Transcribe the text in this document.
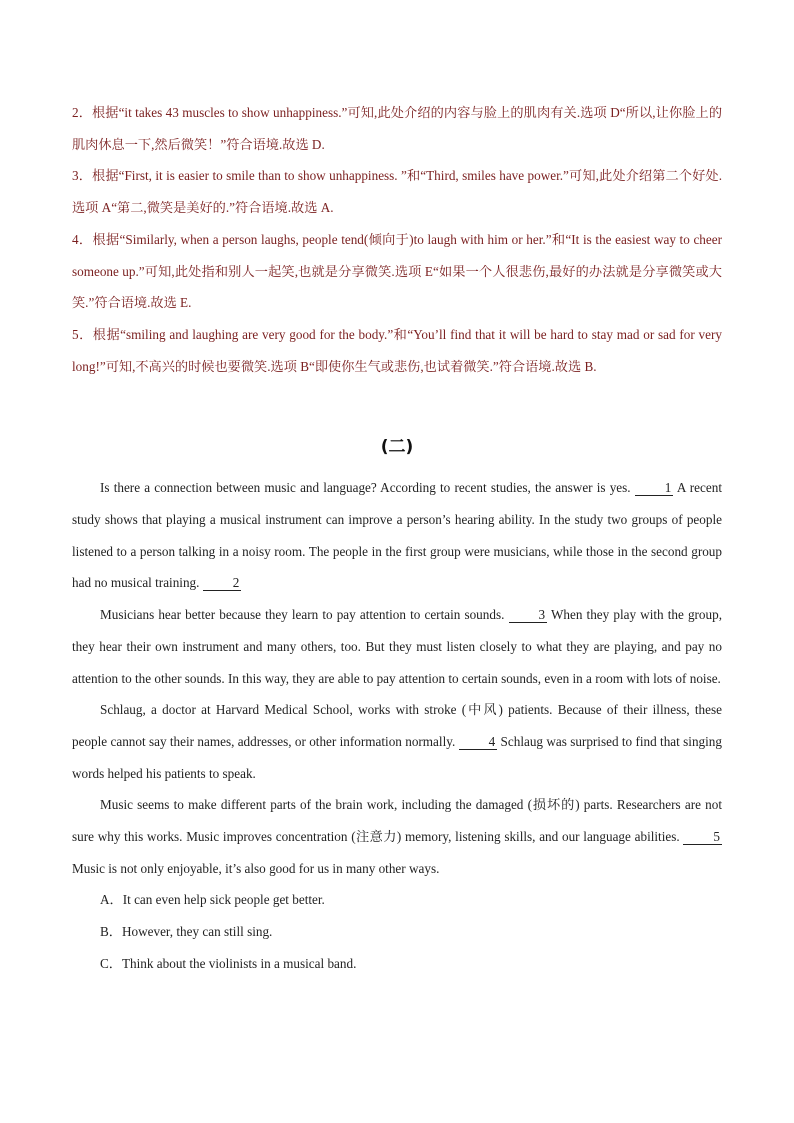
2．根据“it takes 43 muscles to show unhappiness.”可知,此处介绍的内容与脸上的肌肉有关.选项 D“所以,让你脸上的肌肉休息一下,然后微笑！”符合语境.故选 D.

3．根据“First, it is easier to smile than to show unhappiness. ”和“Third, smiles have power.”可知,此处介绍第二个好处.选项 A“第二,微笑是美好的.”符合语境.故选 A.

4．根据“Similarly, when a person laughs, people tend(倾向于)to laugh with him or her.”和“It is the easiest way to cheer someone up.”可知,此处指和别人一起笑,也就是分享微笑.选项 E“如果一个人很悲伤,最好的办法就是分享微笑或大笑.”符合语境.故选 E.

5．根据“smiling and laughing are very good for the body.”和“You’ll find that it will be hard to stay mad or sad for very long!”可知,不高兴的时候也要微笑.选项 B“即使你生气或悲伤,也试着微笑.”符合语境.故选 B.

(二)

Is there a connection between music and language? According to recent studies, the answer is yes. 1 A recent study shows that playing a musical instrument can improve a person’s hearing ability. In the study two groups of people listened to a person talking in a noisy room. The people in the first group were musicians, while those in the second group had no musical training. 2

Musicians hear better because they learn to pay attention to certain sounds. 3 When they play with the group, they hear their own instrument and many others, too. But they must listen closely to what they are playing, and pay no attention to the other sounds. In this way, they are able to pay attention to certain sounds, even in a room with lots of noise.

Schlaug, a doctor at Harvard Medical School, works with stroke (中风) patients. Because of their illness, these people cannot say their names, addresses, or other information normally. 4 Schlaug was surprised to find that singing words helped his patients to speak.

Music seems to make different parts of the brain work, including the damaged (损坏的) parts. Researchers are not sure why this works. Music improves concentration (注意力) memory, listening skills, and our language abilities. 5 Music is not only enjoyable, it’s also good for us in many other ways.

A．It can even help sick people get better.

B．However, they can still sing.

C．Think about the violinists in a musical band.
